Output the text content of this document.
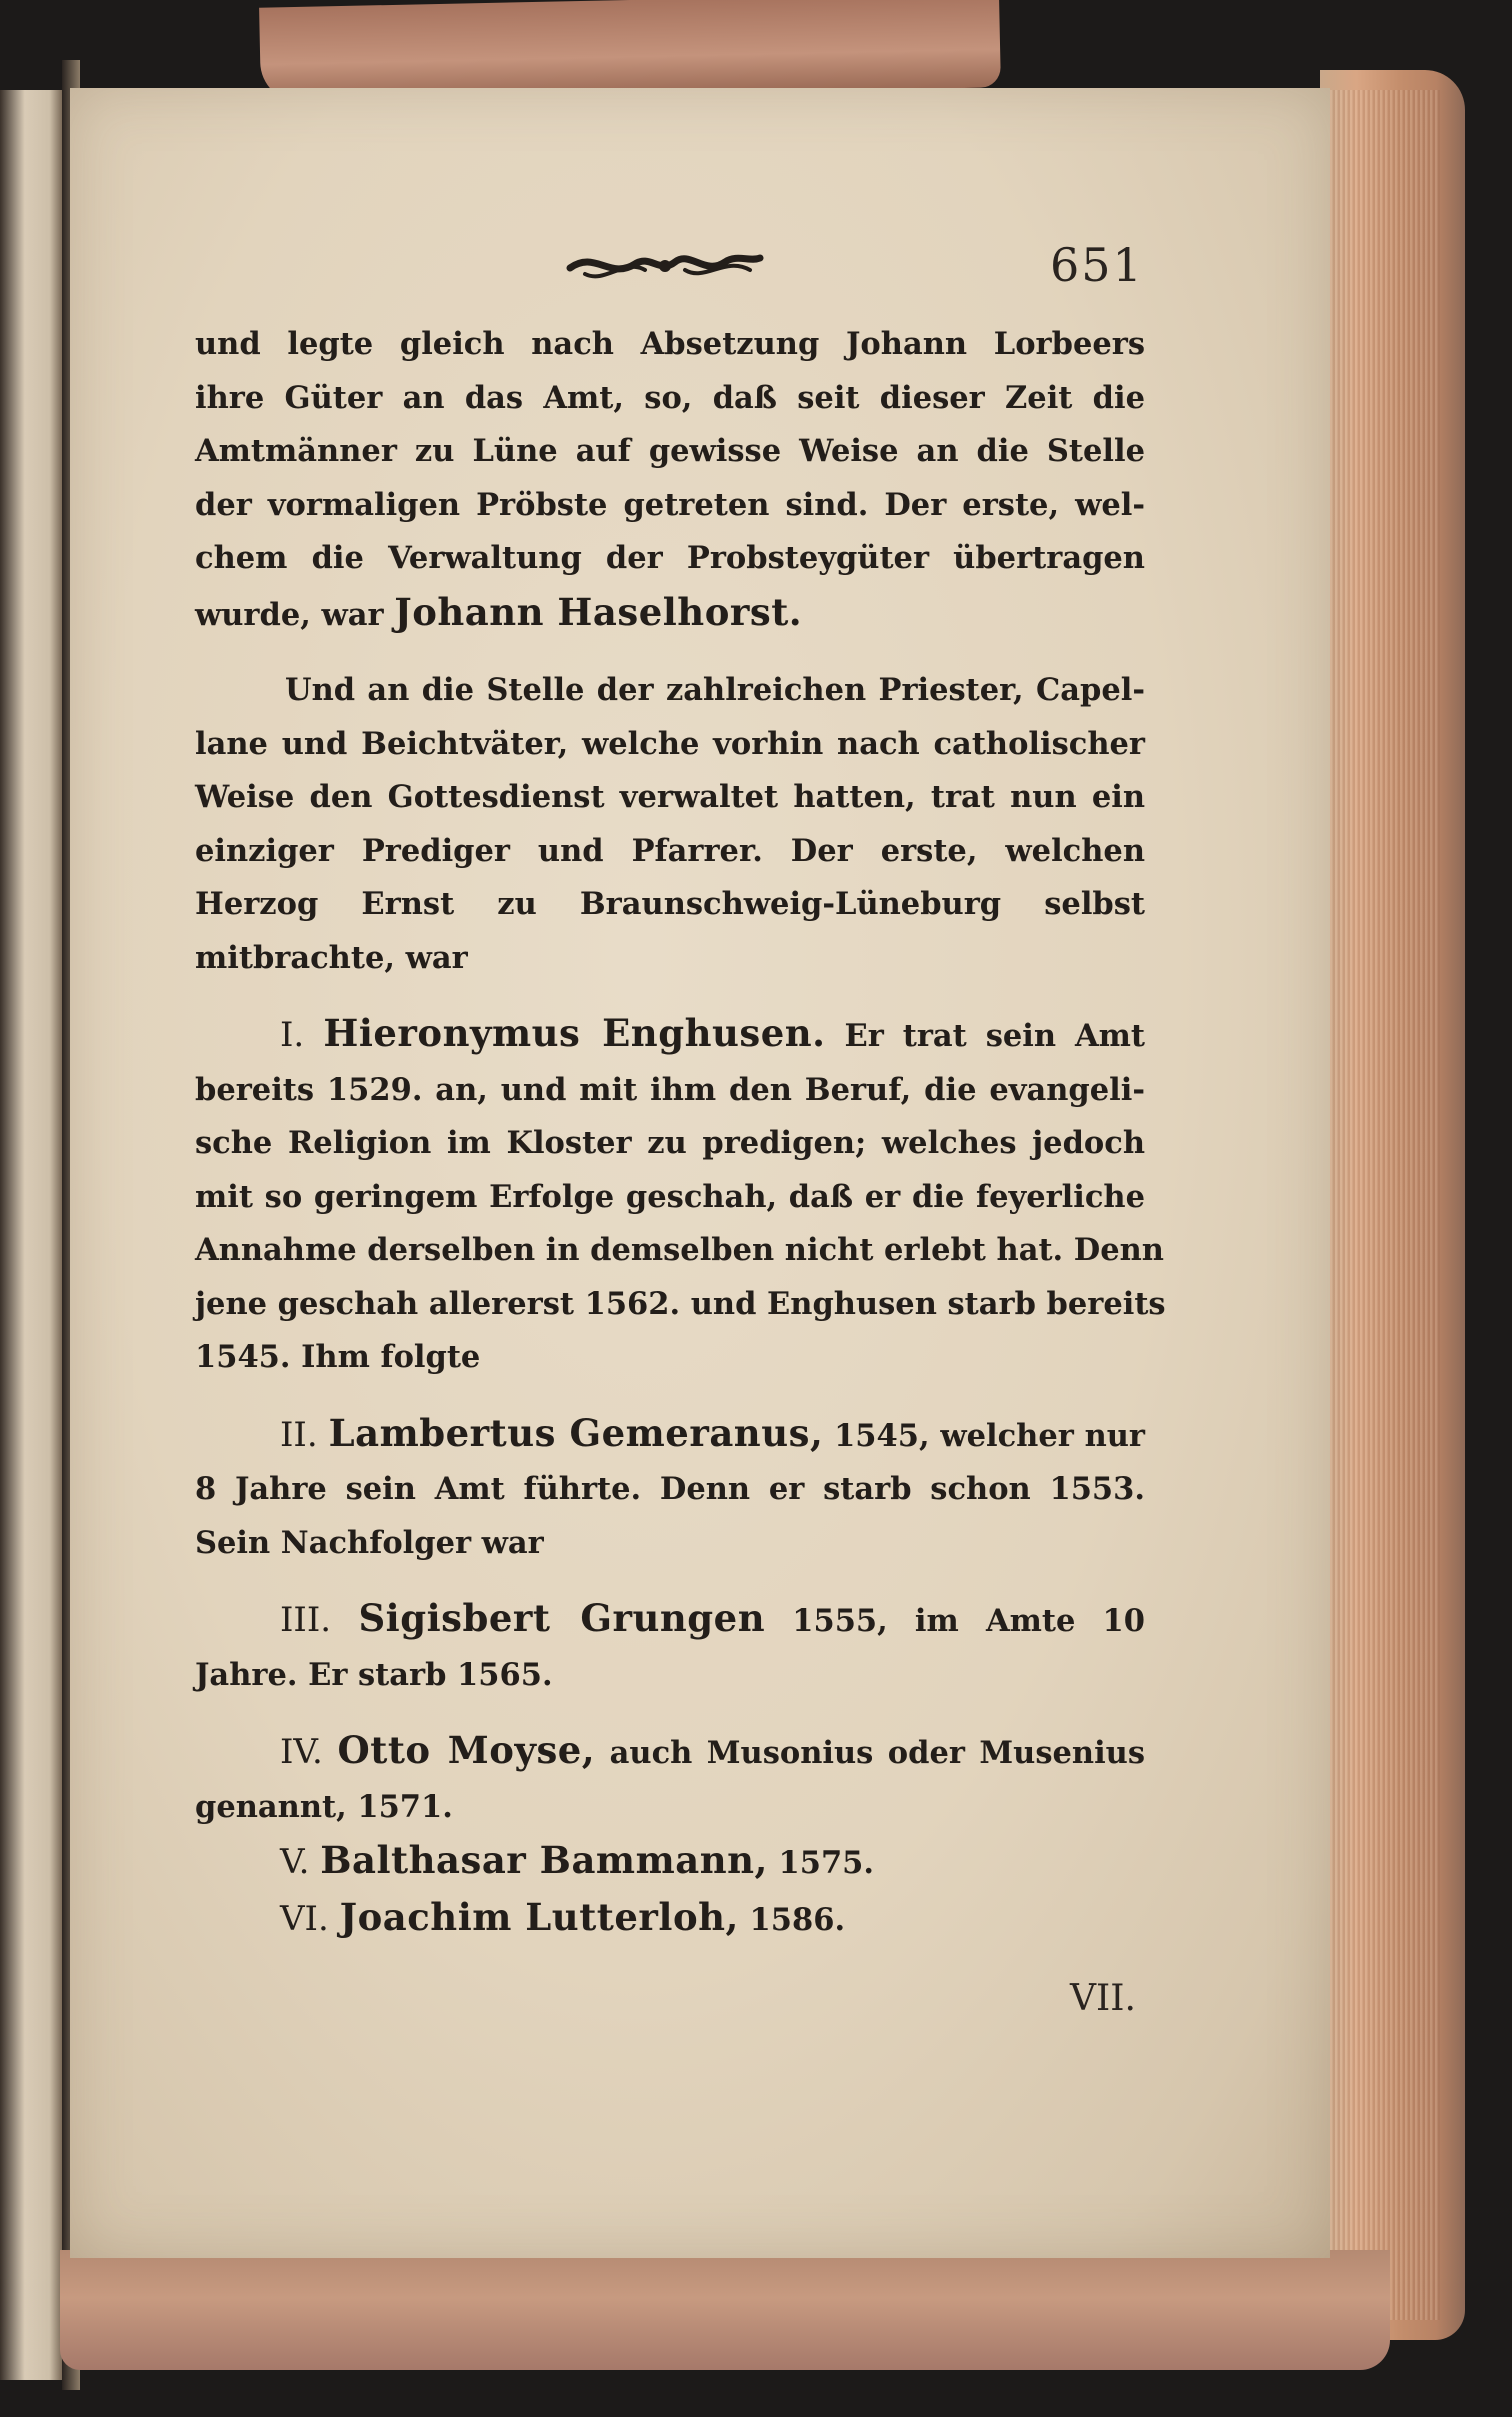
651
und legte gleich nach Absetzung Johann Lorbeers
ihre Güter an das Amt, so, daß seit dieser Zeit die
Amtmänner zu Lüne auf gewisse Weise an die Stelle
der vormaligen Pröbste getreten sind. Der erste, wel-
chem die Verwaltung der Probsteygüter übertragen
wurde, war Johann Haselhorst.
Und an die Stelle der zahlreichen Priester, Capel-
lane und Beichtväter, welche vorhin nach catholischer
Weise den Gottesdienst verwaltet hatten, trat nun ein
einziger Prediger und Pfarrer. Der erste, welchen
Herzog Ernst zu Braunschweig-Lüneburg selbst
mitbrachte, war
I. Hieronymus Enghusen. Er trat sein Amt
bereits 1529. an, und mit ihm den Beruf, die evangeli-
sche Religion im Kloster zu predigen; welches jedoch
mit so geringem Erfolge geschah, daß er die feyerliche
Annahme derselben in demselben nicht erlebt hat. Denn
jene geschah allererst 1562. und Enghusen starb bereits
1545. Ihm folgte
II. Lambertus Gemeranus, 1545, welcher nur
8 Jahre sein Amt führte. Denn er starb schon 1553.
Sein Nachfolger war
III. Sigisbert Grungen 1555, im Amte 10
Jahre. Er starb 1565.
IV. Otto Moyse, auch Musonius oder Musenius
genannt, 1571.
V. Balthasar Bammann, 1575.
VI. Joachim Lutterloh, 1586.
VII.
